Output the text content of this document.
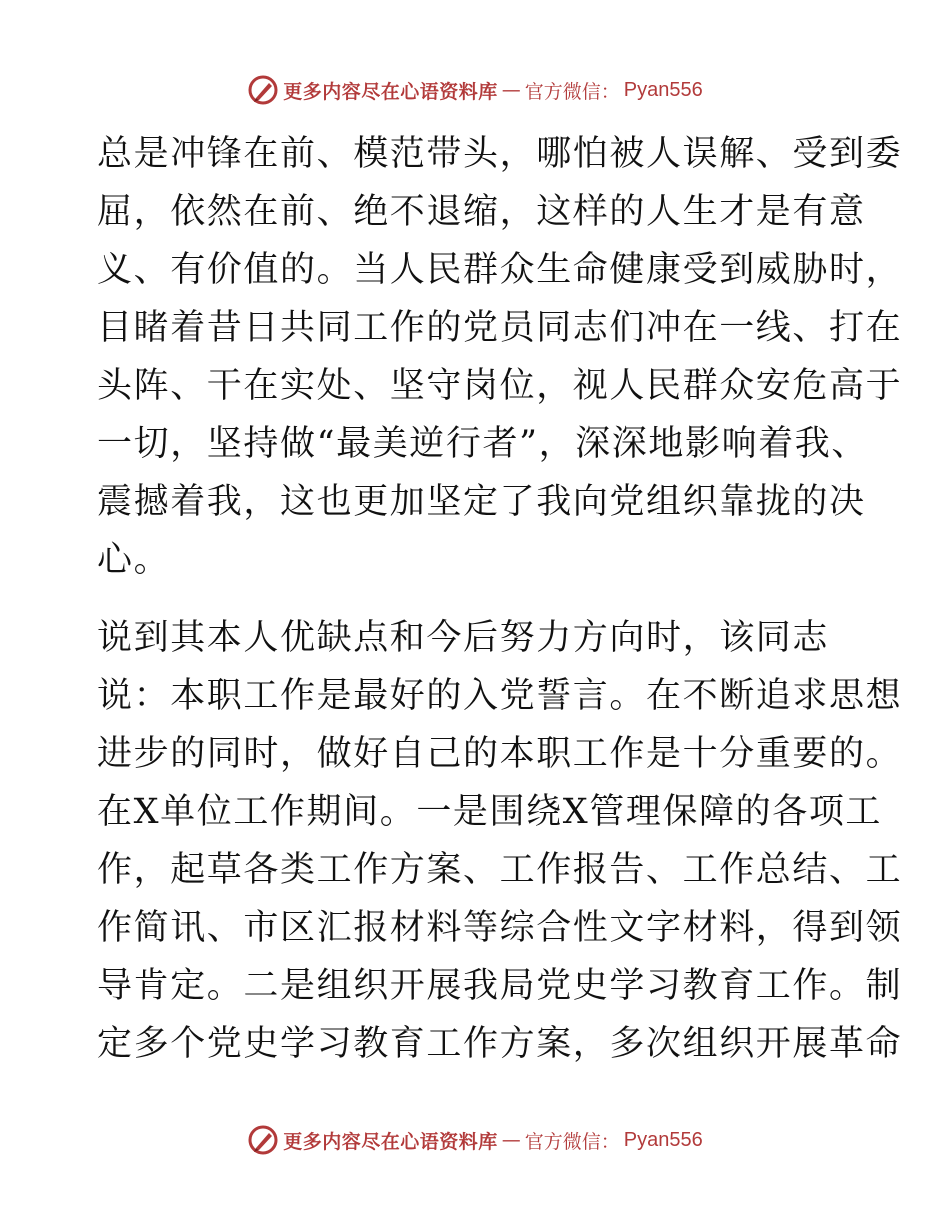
更多内容尽在心语资料库 — 官方微信： Pyan556
总是冲锋在前、模范带头，哪怕被人误解、受到委
屈，依然在前、绝不退缩，这样的人生才是有意
义、有价值的。当人民群众生命健康受到威胁时，
目睹着昔日共同工作的党员同志们冲在一线、打在
头阵、干在实处、坚守岗位，视人民群众安危高于
一切，坚持做“最美逆行者”，深深地影响着我、
震撼着我，这也更加坚定了我向党组织靠拢的决
心。
说到其本人优缺点和今后努力方向时，该同志
说：本职工作是最好的入党誓言。在不断追求思想
进步的同时，做好自己的本职工作是十分重要的。
在X单位工作期间。一是围绕X管理保障的各项工
作，起草各类工作方案、工作报告、工作总结、工
作简讯、市区汇报材料等综合性文字材料，得到领
导肯定。二是组织开展我局党史学习教育工作。制
定多个党史学习教育工作方案，多次组织开展革命
更多内容尽在心语资料库 — 官方微信： Pyan556
